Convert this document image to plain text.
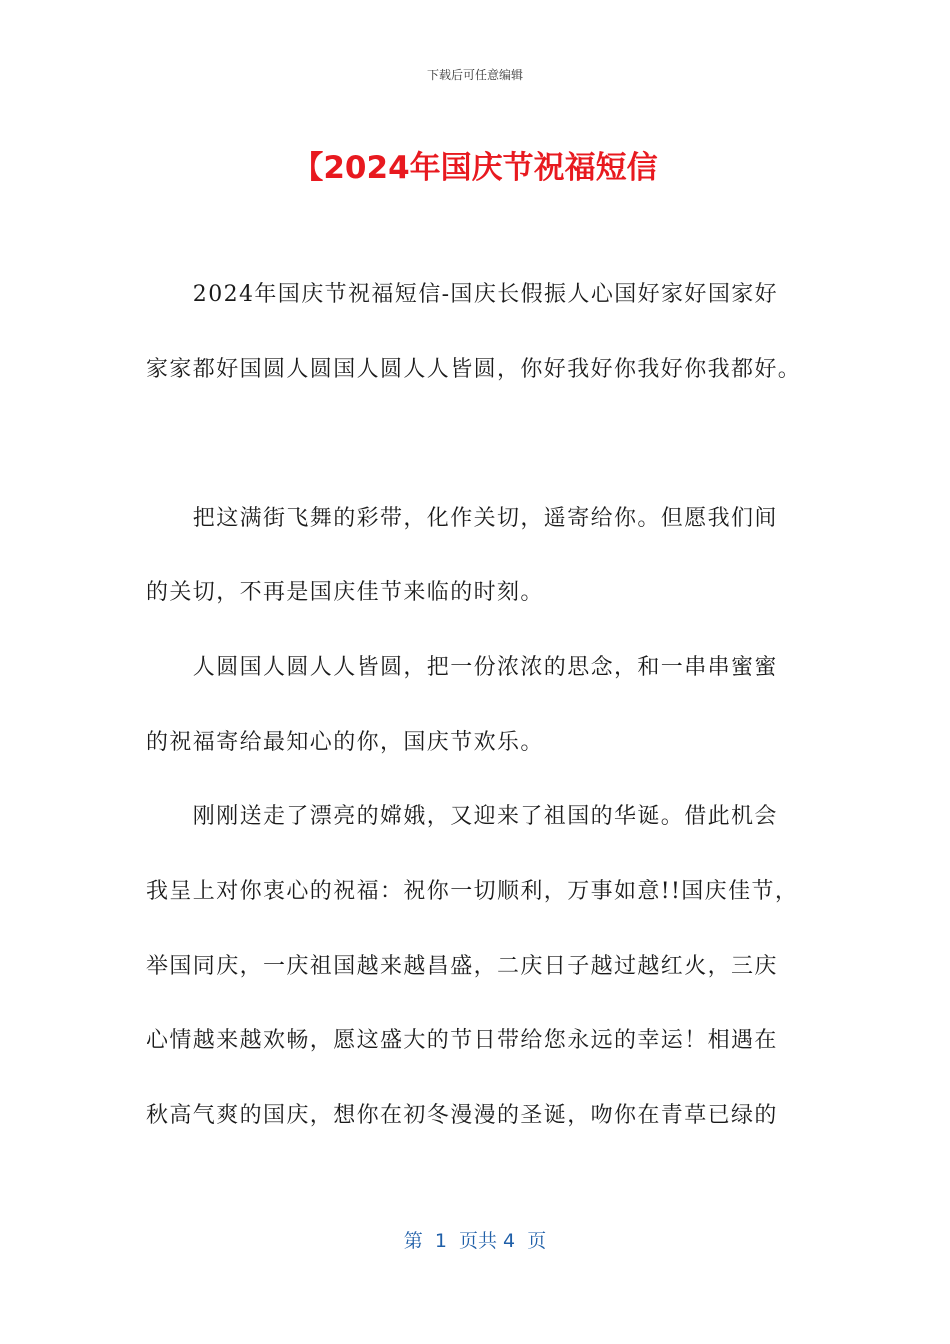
下载后可任意编辑
【2024年国庆节祝福短信
　　2024年国庆节祝福短信-国庆长假振人心国好家好国家好
家家都好国圆人圆国人圆人人皆圆，你好我好你我好你我都好。
　　把这满街飞舞的彩带，化作关切，遥寄给你。但愿我们间
的关切，不再是国庆佳节来临的时刻。
　　人圆国人圆人人皆圆，把一份浓浓的思念，和一串串蜜蜜
的祝福寄给最知心的你，国庆节欢乐。
　　刚刚送走了漂亮的嫦娥，又迎来了祖国的华诞。借此机会
我呈上对你衷心的祝福：祝你一切顺利，万事如意!!国庆佳节，
举国同庆，一庆祖国越来越昌盛，二庆日子越过越红火，三庆
心情越来越欢畅，愿这盛大的节日带给您永远的幸运！相遇在
秋高气爽的国庆，想你在初冬漫漫的圣诞，吻你在青草已绿的
第  1  页共 4  页
